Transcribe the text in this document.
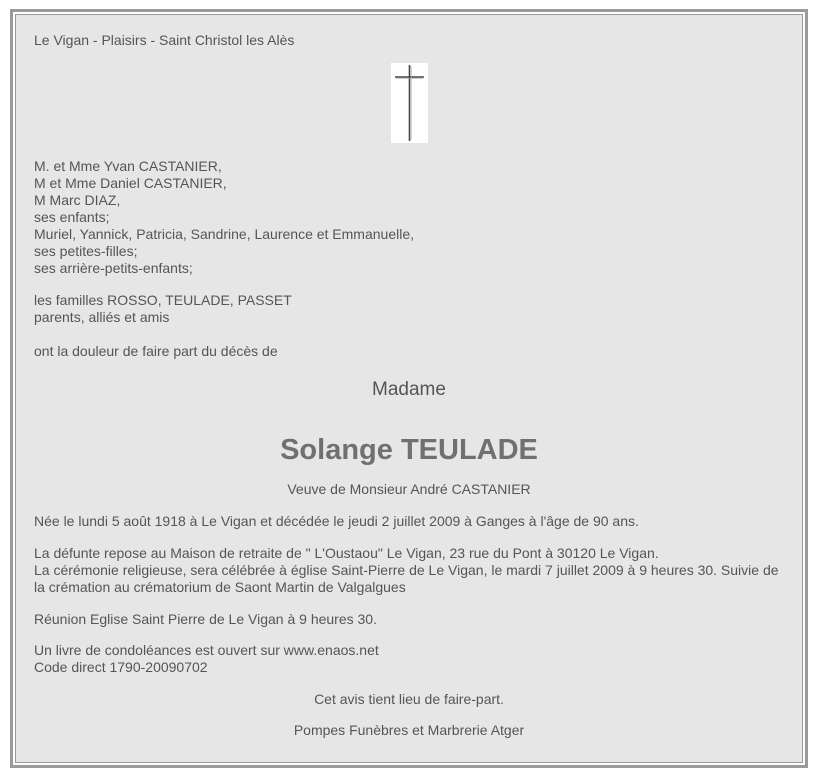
Le Vigan - Plaisirs - Saint Christol les Alès

M. et Mme Yvan CASTANIER,
M et Mme Daniel CASTANIER,
M Marc DIAZ,
ses enfants;
Muriel, Yannick, Patricia, Sandrine, Laurence et Emmanuelle,
ses petites-filles;
ses arrière-petits-enfants;
les familles ROSSO, TEULADE, PASSET
parents, alliés et amis

ont la douleur de faire part du décès de

Madame

Solange TEULADE

Veuve de Monsieur André CASTANIER

Née le lundi 5 août 1918 à Le Vigan et décédée le jeudi 2 juillet 2009 à Ganges à l'âge de 90 ans.

La défunte repose au Maison de retraite de " L'Oustaou" Le Vigan, 23 rue du Pont à 30120 Le Vigan.
La cérémonie religieuse, sera célébrée à église Saint-Pierre de Le Vigan, le mardi 7 juillet 2009 à 9 heures 30. Suivie de la crémation au crématorium de Saont Martin de Valgalgues

Réunion Eglise Saint Pierre de Le Vigan à 9 heures 30.

Un livre de condoléances est ouvert sur www.enaos.net
Code direct 1790-20090702

Cet avis tient lieu de faire-part.

Pompes Funèbres et Marbrerie Atger
